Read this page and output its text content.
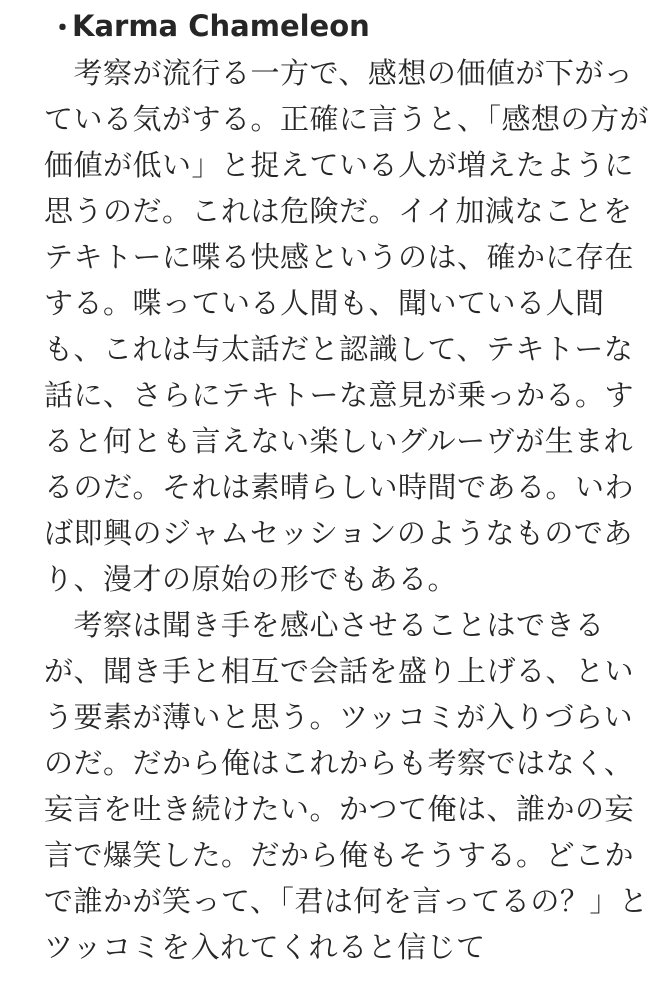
・
Karma Chameleon
　考察が流行る一方で、感想の価値が下がっ
ている気がする。正確に言うと、「感想の方が
価値が低い」と捉えている人が増えたように
思うのだ。これは危険だ。イイ加減なことを
テキトーに喋る快感というのは、確かに存在
する。喋っている人間も、聞いている人間
も、これは与太話だと認識して、テキトーな
話に、さらにテキトーな意見が乗っかる。す
ると何とも言えない楽しいグルーヴが生まれ
るのだ。それは素晴らしい時間である。いわ
ば即興のジャムセッションのようなものであ
り、漫才の原始の形でもある。
　考察は聞き手を感心させることはできる
が、聞き手と相互で会話を盛り上げる、とい
う要素が薄いと思う。ツッコミが入りづらい
のだ。だから俺はこれからも考察ではなく、
妄言を吐き続けたい。かつて俺は、誰かの妄
言で爆笑した。だから俺もそうする。どこか
で誰かが笑って、「君は何を言ってるの？」と
ツッコミを入れてくれると信じて
